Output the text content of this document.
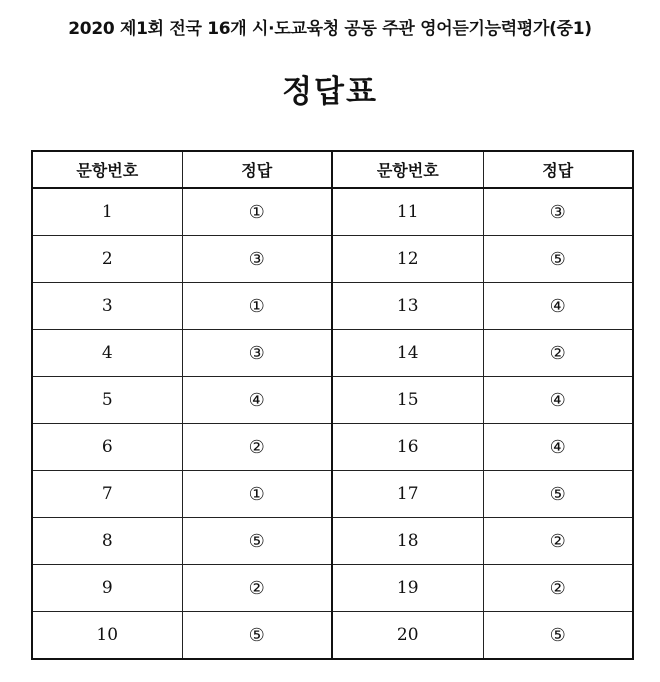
2020 제1회 전국 16개 시·도교육청 공동 주관 영어듣기능력평가(중1)
정답표
문항번호	정답	문항번호	정답
1	①	11	③
2	③	12	⑤
3	①	13	④
4	③	14	②
5	④	15	④
6	②	16	④
7	①	17	⑤
8	⑤	18	②
9	②	19	②
10	⑤	20	⑤
